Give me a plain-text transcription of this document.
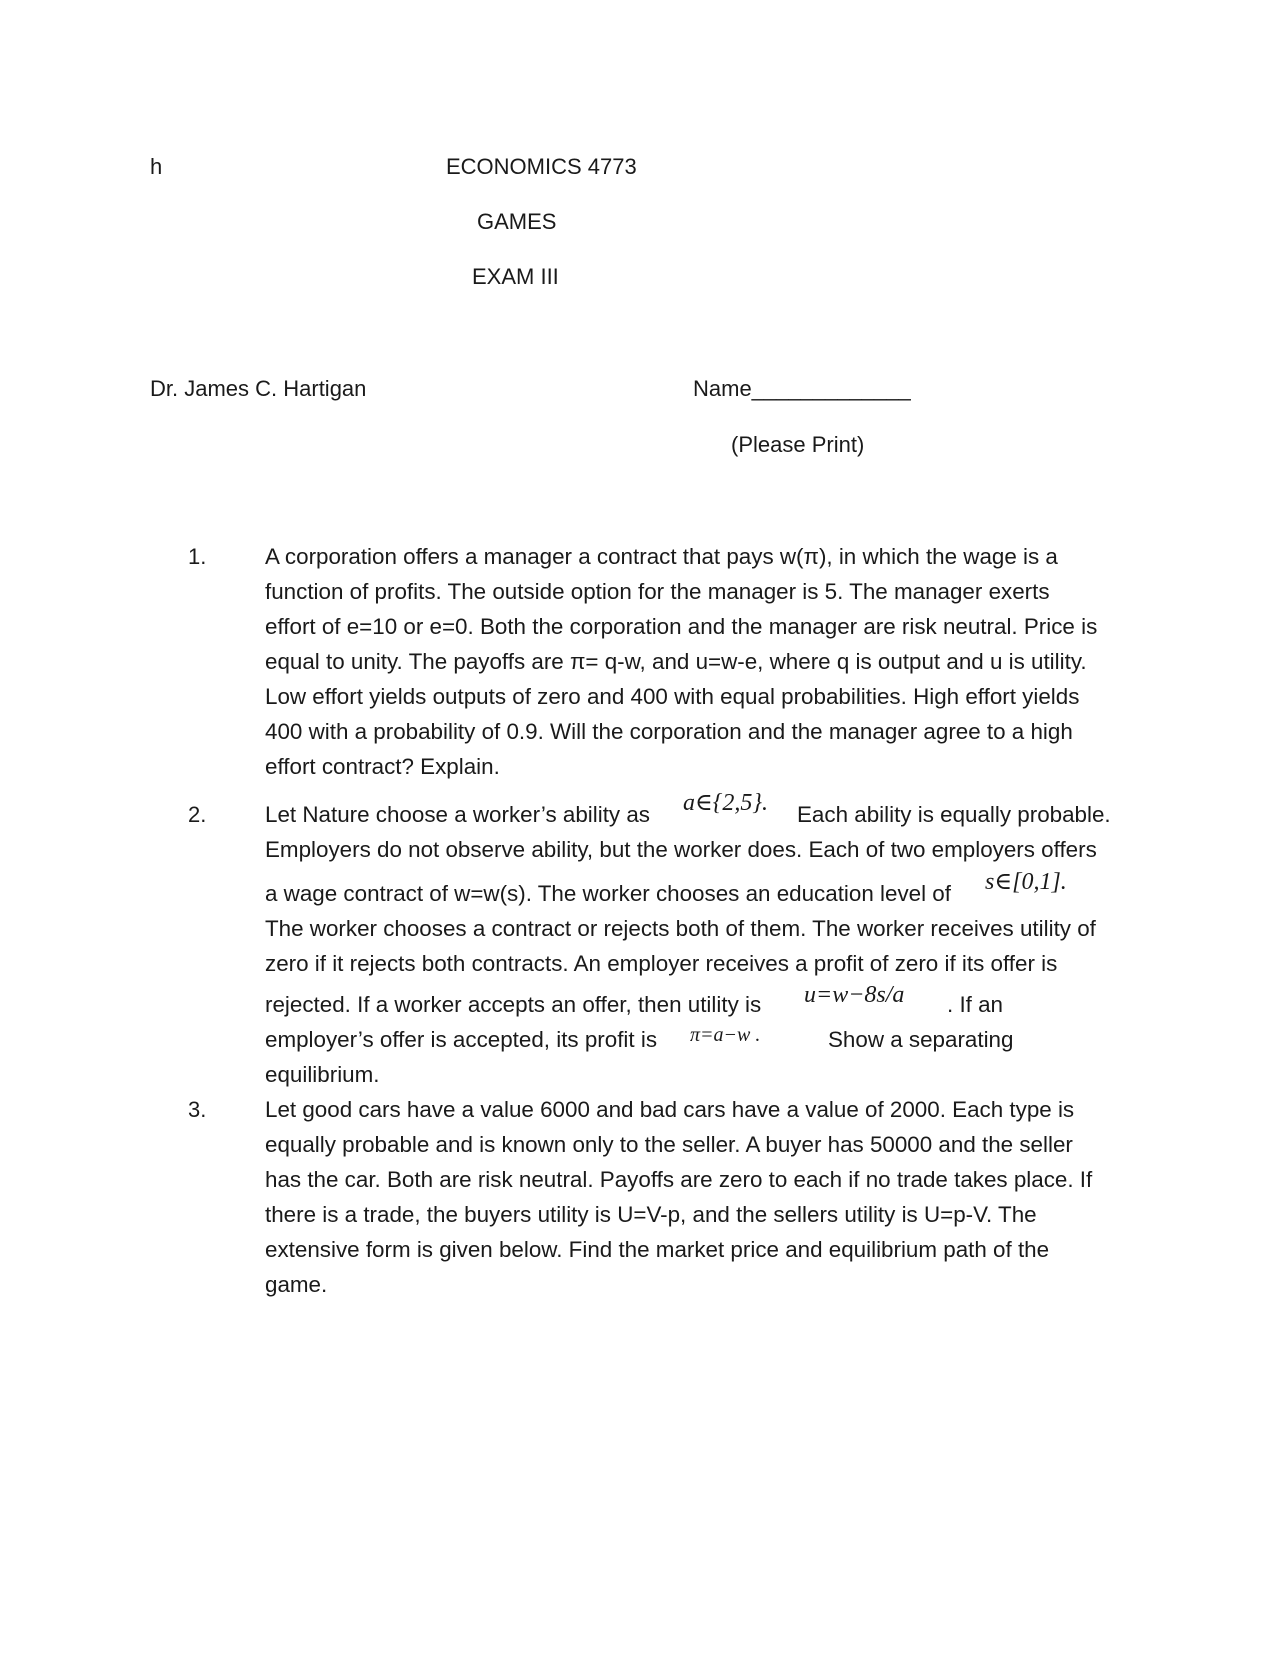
h	ECONOMICS 4773
GAMES
EXAM III
Dr. James C. Hartigan	Name_____________
(Please Print)
1.	A corporation offers a manager a contract that pays w(π), in which the wage is a
function of profits. The outside option for the manager is 5. The manager exerts
effort of e=10 or e=0. Both the corporation and the manager are risk neutral. Price is
equal to unity. The payoffs are π= q-w, and u=w-e, where q is output and u is utility.
Low effort yields outputs of zero and 400 with equal probabilities. High effort yields
400 with a probability of 0.9. Will the corporation and the manager agree to a high
effort contract? Explain.
2.	Let Nature choose a worker’s ability as a∈{2,5}. Each ability is equally probable.
Employers do not observe ability, but the worker does. Each of two employers offers
a wage contract of w=w(s). The worker chooses an education level of s∈[0,1].
The worker chooses a contract or rejects both of them. The worker receives utility of
zero if it rejects both contracts. An employer receives a profit of zero if its offer is
rejected. If a worker accepts an offer, then utility is u=w−8s/a . If an
employer’s offer is accepted, its profit is π=a−w .	Show a separating
equilibrium.
3.	Let good cars have a value 6000 and bad cars have a value of 2000. Each type is
equally probable and is known only to the seller. A buyer has 50000 and the seller
has the car. Both are risk neutral. Payoffs are zero to each if no trade takes place. If
there is a trade, the buyers utility is U=V-p, and the sellers utility is U=p-V. The
extensive form is given below. Find the market price and equilibrium path of the
game.
